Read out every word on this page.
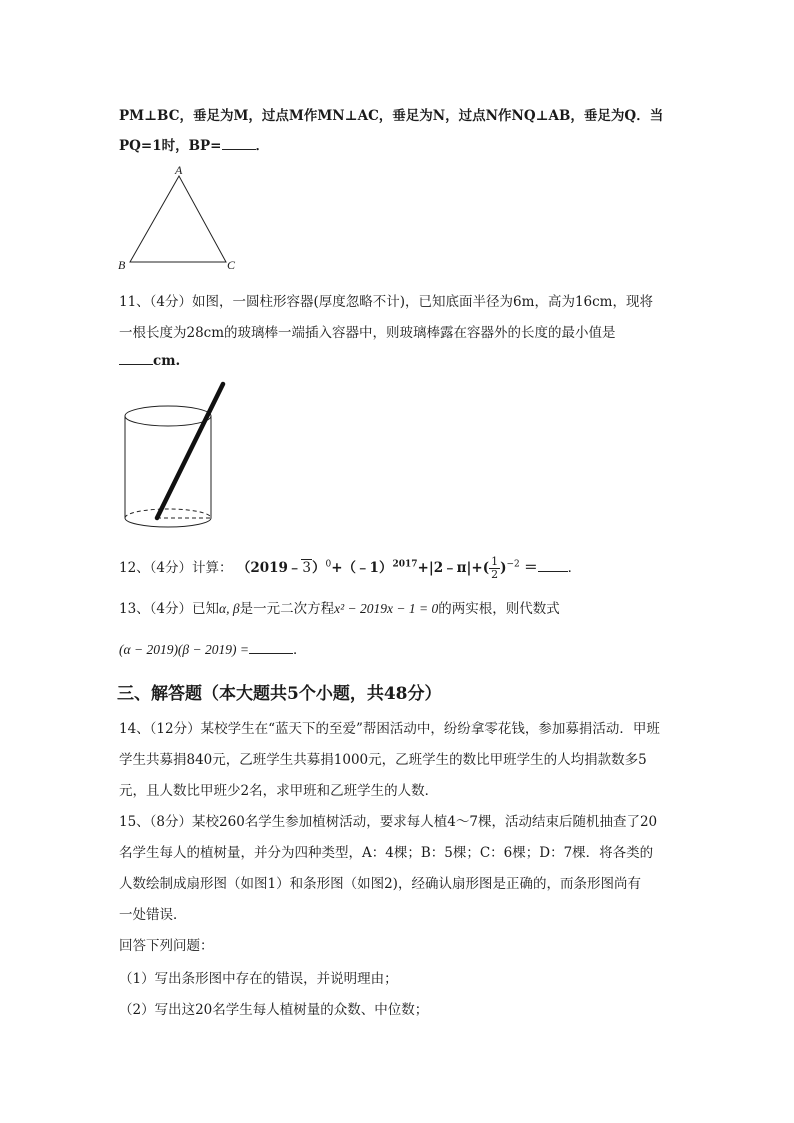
PM⊥BC，垂足为M，过点M作MN⊥AC，垂足为N，过点N作NQ⊥AB，垂足为Q．当
PQ=1时，BP=	．
A
B	C
11、（4分）如图，一圆柱形容器(厚度忽略不计)，已知底面半径为6m，高为16cm，现将
一根长度为28cm的玻璃棒一端插入容器中，则玻璃棒露在容器外的长度的最小值是
cm.
12、（4分）计算： （2019﹣3）$^0$+（﹣1）$^{2017}$+|2﹣π|+( $\frac{1}{2} )^{-2}$ ＝ ．
13、（4分）已知α, β是一元二次方程x² − 2019x − 1 = 0的两实根，则代数式
(α − 2019)(β − 2019) =	．
三、解答题（本大题共5个小题，共48分）
14、（12分）某校学生在“蓝天下的至爱”帮困活动中，纷纷拿零花钱，参加募捐活动．甲班
学生共募捐840元，乙班学生共募捐1000元，乙班学生的数比甲班学生的人均捐款数多5
元，且人数比甲班少2名，求甲班和乙班学生的人数．
15、（8分）某校260名学生参加植树活动，要求每人植4～7棵，活动结束后随机抽查了20
名学生每人的植树量，并分为四种类型，A：4棵；B：5棵；C：6棵；D：7棵．将各类的
人数绘制成扇形图（如图1）和条形图（如图2)，经确认扇形图是正确的，而条形图尚有
一处错误．
回答下列问题：
（1）写出条形图中存在的错误，并说明理由；
（2）写出这20名学生每人植树量的众数、中位数；
